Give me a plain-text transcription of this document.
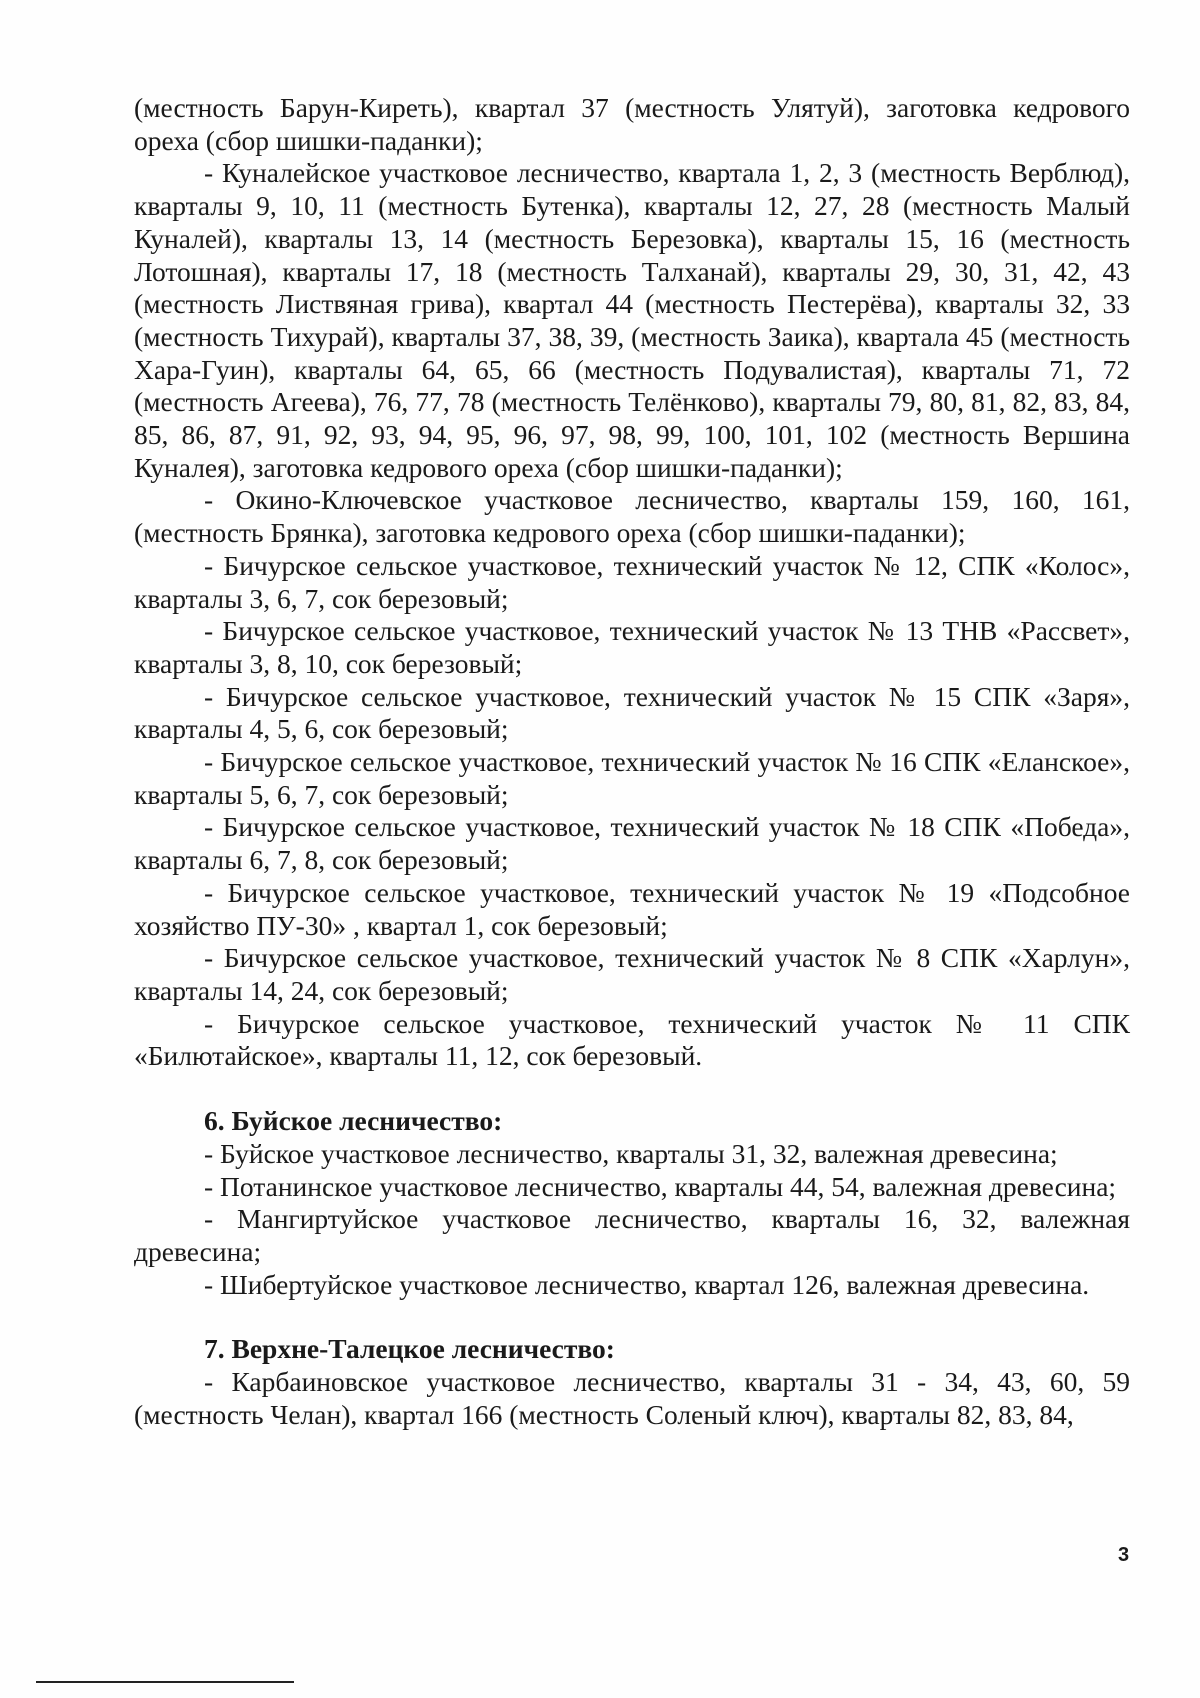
(местность Барун-Киреть), квартал 37 (местность Улятуй), заготовка кедрового ореха (сбор шишки-паданки);

- Куналейское участковое лесничество, квартала 1, 2, 3 (местность Верблюд), кварталы 9, 10, 11 (местность Бутенка), кварталы 12, 27, 28 (местность Малый Куналей), кварталы 13, 14 (местность Березовка), кварталы 15, 16 (местность Лотошная), кварталы 17, 18 (местность Талханай), кварталы 29, 30, 31, 42, 43 (местность Листвяная грива), квартал 44 (местность Пестерёва), кварталы 32, 33 (местность Тихурай), кварталы 37, 38, 39, (местность Заика), квартала 45 (местность Хара-Гуин), кварталы 64, 65, 66 (местность Подувалистая), кварталы 71, 72 (местность Агеева), 76, 77, 78 (местность Телёнково), кварталы 79, 80, 81, 82, 83, 84, 85, 86, 87, 91, 92, 93, 94, 95, 96, 97, 98, 99, 100, 101, 102 (местность Вершина Куналея), заготовка кедрового ореха (сбор шишки-паданки);

- Окино-Ключевское участковое лесничество, кварталы 159, 160, 161, (местность Брянка), заготовка кедрового ореха (сбор шишки-паданки);

- Бичурское сельское участковое, технический участок № 12, СПК «Колос», кварталы 3, 6, 7, сок березовый;

- Бичурское сельское участковое, технический участок № 13 ТНВ «Рассвет», кварталы 3, 8, 10, сок березовый;

- Бичурское сельское участковое, технический участок № 15 СПК «Заря», кварталы 4, 5, 6, сок березовый;

- Бичурское сельское участковое, технический участок № 16 СПК «Еланское», кварталы 5, 6, 7, сок березовый;

- Бичурское сельское участковое, технический участок № 18 СПК «Победа», кварталы 6, 7, 8, сок березовый;

- Бичурское сельское участковое, технический участок № 19 «Подсобное хозяйство ПУ-30» , квартал 1, сок березовый;

- Бичурское сельское участковое, технический участок № 8 СПК «Харлун», кварталы 14, 24, сок березовый;

- Бичурское сельское участковое, технический участок № 11 СПК «Билютайское», кварталы 11, 12, сок березовый.

6. Буйское лесничество:

- Буйское участковое лесничество, кварталы 31, 32, валежная древесина;

- Потанинское участковое лесничество, кварталы 44, 54, валежная древесина;

- Мангиртуйское участковое лесничество, кварталы 16, 32, валежная древесина;

- Шибертуйское участковое лесничество, квартал 126, валежная древесина.

7. Верхне-Талецкое лесничество:

- Карбаиновское участковое лесничество, кварталы 31 - 34, 43, 60, 59 (местность Челан), квартал 166 (местность Соленый ключ), кварталы 82, 83, 84,

3
